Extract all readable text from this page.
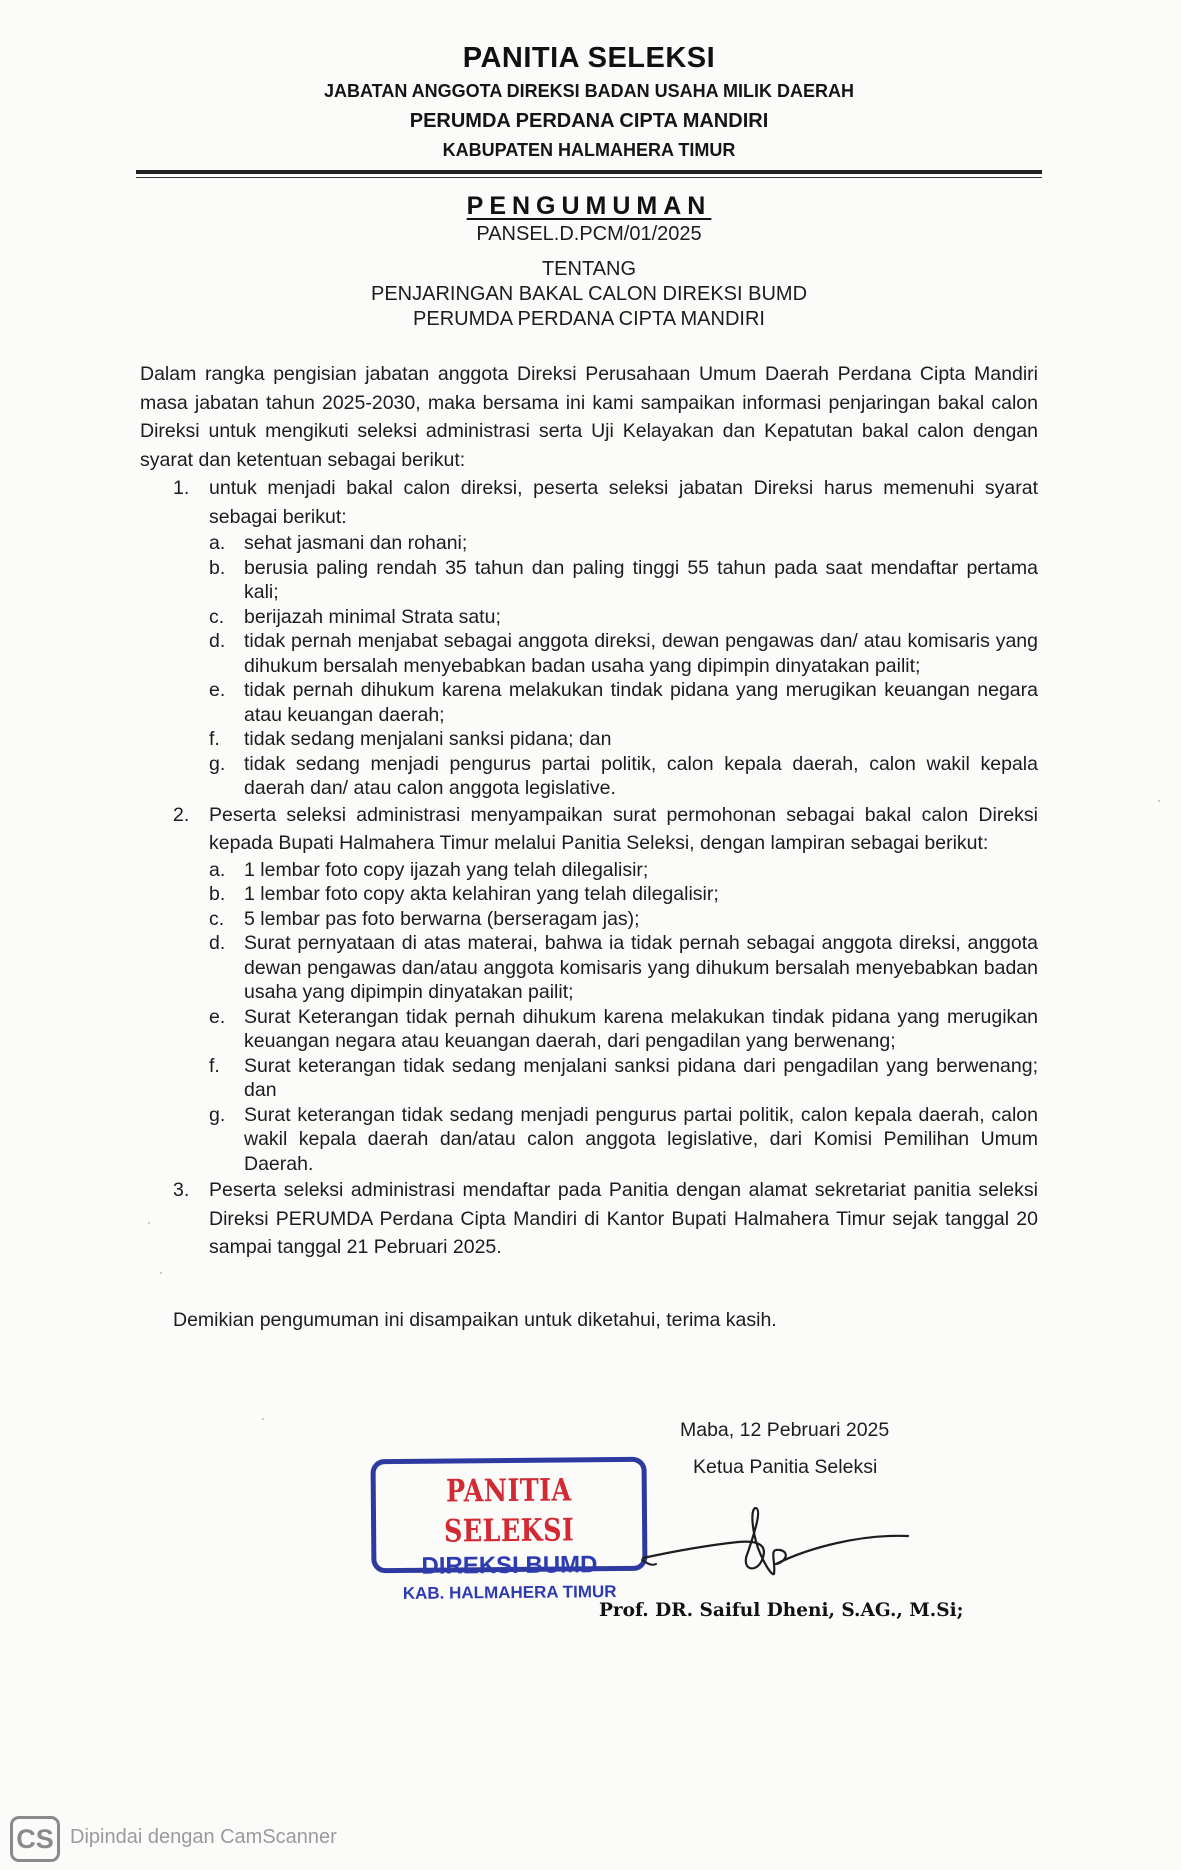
PANITIA SELEKSI
JABATAN ANGGOTA DIREKSI BADAN USAHA MILIK DAERAH
PERUMDA PERDANA CIPTA MANDIRI
KABUPATEN HALMAHERA TIMUR
PENGUMUMAN
PANSEL.D.PCM/01/2025
TENTANG
PENJARINGAN BAKAL CALON DIREKSI BUMD
PERUMDA PERDANA CIPTA MANDIRI

Dalam rangka pengisian jabatan anggota Direksi Perusahaan Umum Daerah Perdana Cipta Mandiri masa jabatan tahun 2025-2030, maka bersama ini kami sampaikan informasi penjaringan bakal calon Direksi untuk mengikuti seleksi administrasi serta Uji Kelayakan dan Kepatutan bakal calon dengan syarat dan ketentuan sebagai berikut:

1. untuk menjadi bakal calon direksi, peserta seleksi jabatan Direksi harus memenuhi syarat sebagai berikut:
a. sehat jasmani dan rohani;
b. berusia paling rendah 35 tahun dan paling tinggi 55 tahun pada saat mendaftar pertama kali;
c. berijazah minimal Strata satu;
d. tidak pernah menjabat sebagai anggota direksi, dewan pengawas dan/ atau komisaris yang dihukum bersalah menyebabkan badan usaha yang dipimpin dinyatakan pailit;
e. tidak pernah dihukum karena melakukan tindak pidana yang merugikan keuangan negara atau keuangan daerah;
f. tidak sedang menjalani sanksi pidana; dan
g. tidak sedang menjadi pengurus partai politik, calon kepala daerah, calon wakil kepala daerah dan/ atau calon anggota legislative.
2. Peserta seleksi administrasi menyampaikan surat permohonan sebagai bakal calon Direksi kepada Bupati Halmahera Timur melalui Panitia Seleksi, dengan lampiran sebagai berikut:
a. 1 lembar foto copy ijazah yang telah dilegalisir;
b. 1 lembar foto copy akta kelahiran yang telah dilegalisir;
c. 5 lembar pas foto berwarna (berseragam jas);
d. Surat pernyataan di atas materai, bahwa ia tidak pernah sebagai anggota direksi, anggota dewan pengawas dan/atau anggota komisaris yang dihukum bersalah menyebabkan badan usaha yang dipimpin dinyatakan pailit;
e. Surat Keterangan tidak pernah dihukum karena melakukan tindak pidana yang merugikan keuangan negara atau keuangan daerah, dari pengadilan yang berwenang;
f. Surat keterangan tidak sedang menjalani sanksi pidana dari pengadilan yang berwenang; dan
g. Surat keterangan tidak sedang menjadi pengurus partai politik, calon kepala daerah, calon wakil kepala daerah dan/atau calon anggota legislative, dari Komisi Pemilihan Umum Daerah.
3. Peserta seleksi administrasi mendaftar pada Panitia dengan alamat sekretariat panitia seleksi Direksi PERUMDA Perdana Cipta Mandiri di Kantor Bupati Halmahera Timur sejak tanggal 20 sampai tanggal 21 Pebruari 2025.
Demikian pengumuman ini disampaikan untuk diketahui, terima kasih.
Maba, 12 Pebruari 2025
Ketua Panitia Seleksi
PANITIA SELEKSI
DIREKSI BUMD
KAB. HALMAHERA TIMUR
Prof. DR. Saiful Dheni, S.AG., M.Si;
CS Dipindai dengan CamScanner
